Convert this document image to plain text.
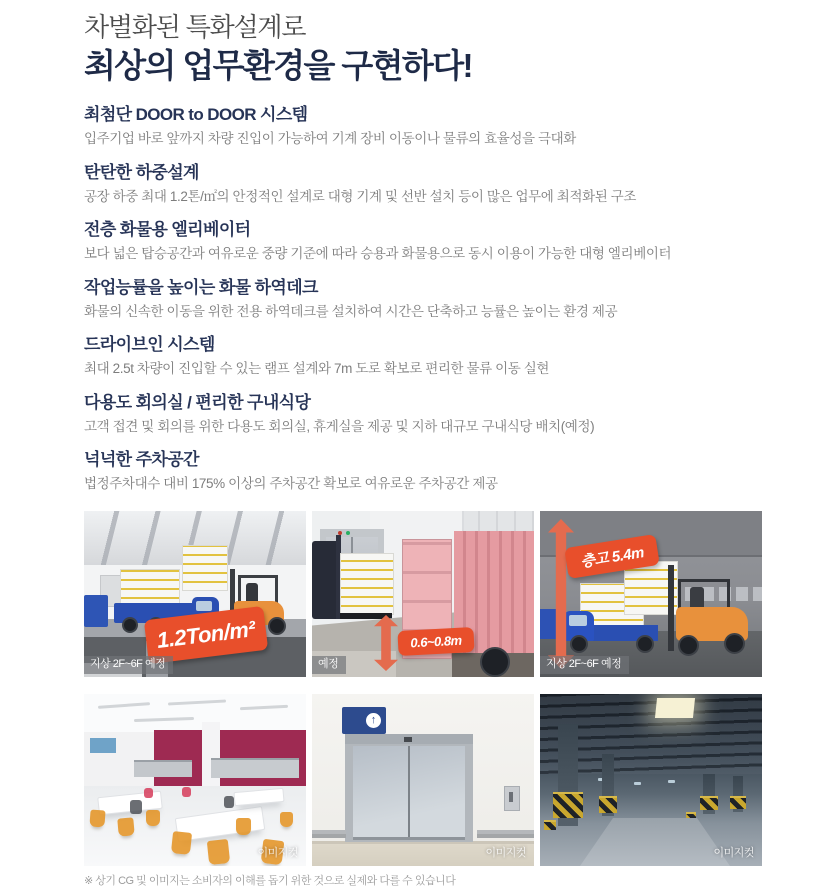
차별화된 특화설계로
최상의 업무환경을 구현하다!
최첨단 DOOR to DOOR 시스템

입주기업 바로 앞까지 차량 진입이 가능하여 기계 장비 이동이나 물류의 효율성을 극대화

탄탄한 하중설계

공장 하중 최대 1.2톤/㎡의 안정적인 설계로 대형 기계 및 선반 설치 등이 많은 업무에 최적화된 구조

전층 화물용 엘리베이터

보다 넓은 탑승공간과 여유로운 중량 기준에 따라 승용과 화물용으로 동시 이용이 가능한 대형 엘리베이터

작업능률을 높이는 화물 하역데크

화물의 신속한 이동을 위한 전용 하역데크를 설치하여 시간은 단축하고 능률은 높이는 환경 제공

드라이브인 시스템

최대 2.5t 차량이 진입할 수 있는 램프 설계와 7m 도로 확보로 편리한 물류 이동 실현

다용도 회의실 / 편리한 구내식당

고객 접견 및 회의를 위한 다용도 회의실, 휴게실을 제공 및 지하 대규모 구내식당 배치(예정)

넉넉한 주차공간

법정주차대수 대비 175% 이상의 주차공간 확보로 여유로운 주차공간 제공

1.2Ton/m²
지상 2F~6F 예정
0.6~0.8m
예정
층고 5.4m
지상 2F~6F 예정
이미지컷
↑
이미지컷	이미지컷
※ 상기 CG 및 이미지는 소비자의 이해를 돕기 위한 것으로 실제와 다를 수 있습니다
